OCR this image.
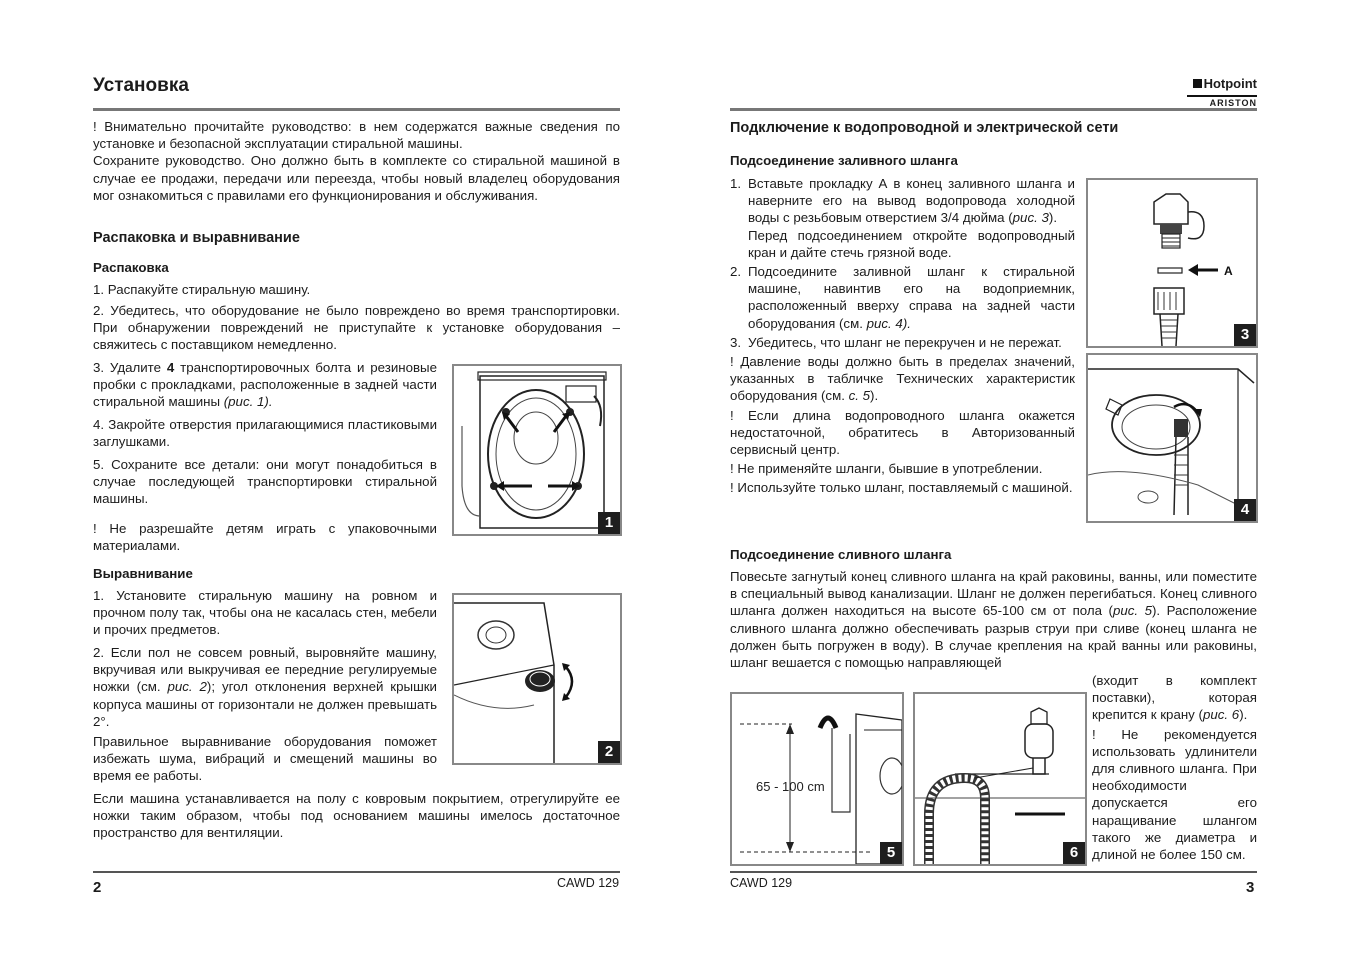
Установка

! Внимательно прочитайте руководство: в нем содержатся важные сведения по установке и безопасной эксплуатации стиральной машины.

Сохраните руководство. Оно должно быть в комплекте со стиральной машиной в случае ее продажи, передачи или переезда, чтобы новый владелец оборудования мог ознакомиться с правилами его функционирования и обслуживания.

Распаковка и выравнивание
Распаковка

1. Распакуйте стиральную машину.

2. Убедитесь, что оборудование не было повреждено во время транспортировки. При обнаружении повреждений не приступайте к установке оборудования – свяжитесь с поставщиком немедленно.

3. Удалите 4 транспортировочных болта и резиновые пробки с прокладками, расположенные в задней части стиральной машины (рис. 1).

4. Закройте отверстия прилагающимися пластиковыми заглушками.

5. Сохраните все детали: они могут понадобиться в случае последующей транспортировки стиральной машины.

! Не разрешайте детям играть с упаковочными материалами.

1
Выравнивание

1. Установите стиральную машину на ровном и прочном полу так, чтобы она не касалась стен, мебели и прочих предметов.

2. Если пол не совсем ровный, выровняйте машину, вкручивая или выкручивая ее передние регулируемые ножки (см. рис. 2); угол отклонения верхней крышки корпуса машины от горизонтали не должен превышать 2°.

Правильное выравнивание оборудования поможет избежать шума, вибраций и смещений машины во время ее работы.

Если машина устанавливается на полу с ковровым покрытием, отрегулируйте ее ножки таким образом, чтобы под основанием машины имелось достаточное пространство для вентиляции.

2
2	CAWD 129
Hotpoint
ARISTON
Подключение к водопроводной и электрической сети
Подсоединение заливного шланга
1. Вставьте прокладку А в конец заливного шланга и наверните его на вывод водопровода холодной воды с резьбовым отверстием 3/4 дюйма (рис. 3).
Перед подсоединением откройте водопроводный кран и дайте стечь грязной воде.
2. Подсоедините заливной шланг к стиральной машине, навинтив его на водоприемник, расположенный вверху справа на задней части оборудования (см. рис. 4).
3. Убедитесь, что шланг не перекручен и не пережат.

! Давление воды должно быть в пределах значений, указанных в табличке Технических характеристик оборудования (см. с. 5).

! Если длина водопроводного шланга окажется недостаточной, обратитесь в Авторизованный сервисный центр.

! Не применяйте шланги, бывшие в употреблении.

! Используйте только шланг, поставляемый с машиной.

A
3
4
Подсоединение сливного шланга

Повесьте загнутый конец сливного шланга на край раковины, ванны, или поместите в специальный вывод канализации. Шланг не должен перегибаться. Конец сливного шланга должен находиться на высоте 65-100 см от пола (рис. 5). Расположение сливного шланга должно обеспечивать разрыв струи при сливе (конец шланга не должен быть погружен в воду). В случае крепления на край ванны или раковины, шланг вешается с помощью направляющей

(входит в комплект поставки), которая крепится к крану (рис. 6).

! Не рекомендуется использовать удлинители для сливного шланга. При необходимости допускается его наращивание шлангом такого же диаметра и длиной не более 150 см.

65 - 100 cm
5	6
CAWD 129	3
